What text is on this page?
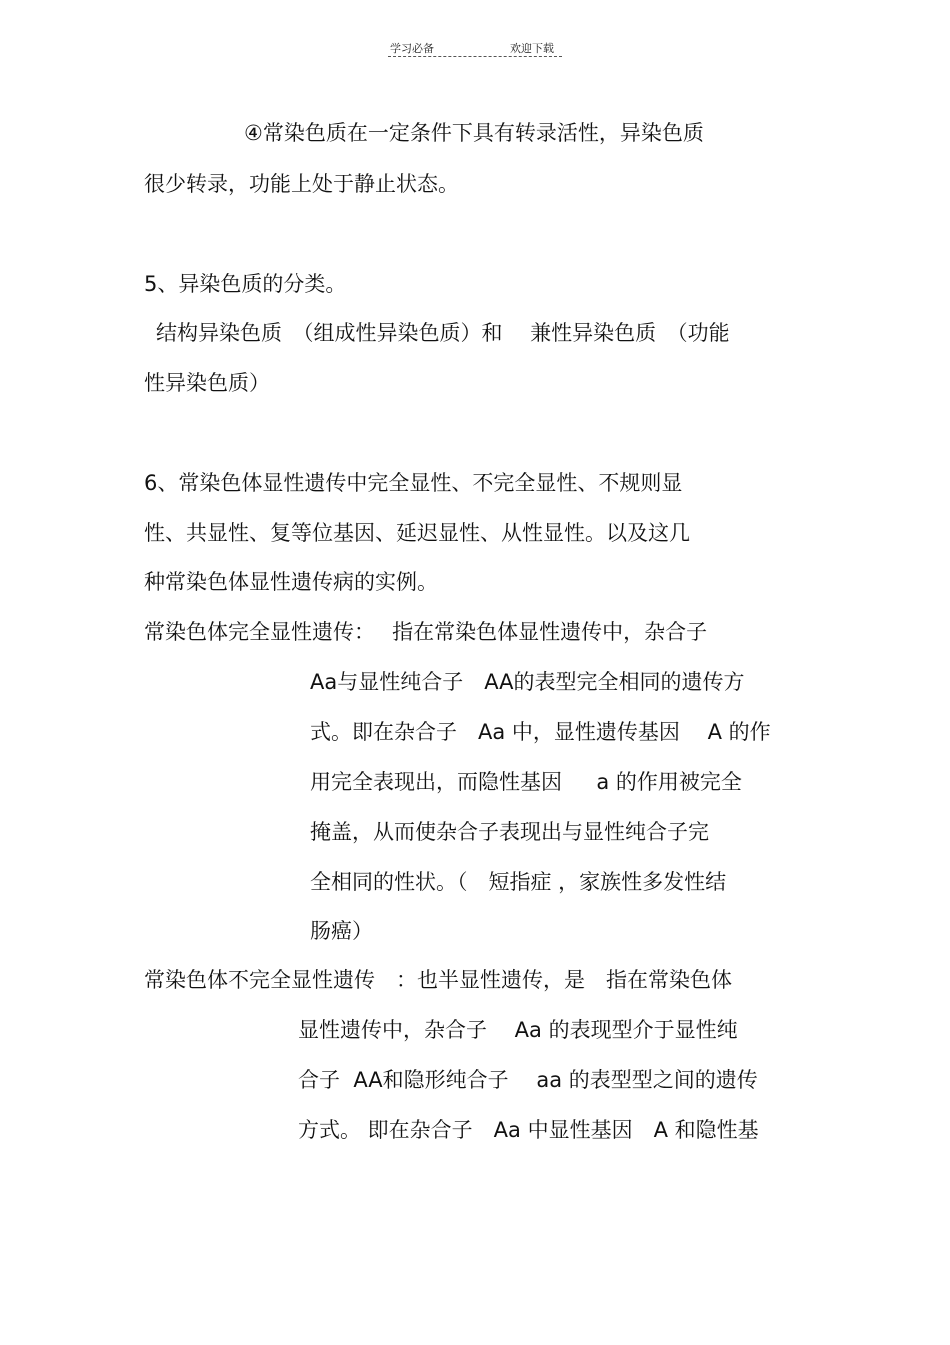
学习必备	欢迎下载
④常染色质在一定条件下具有转录活性，异染色质
很少转录，功能上处于静止状态。
5、异染色质的分类。
结构异染色质　（组成性异染色质）和　 兼性异染色质　（功能
性异染色质）
6、常染色体显性遗传中完全显性、不完全显性、不规则显
性、共显性、复等位基因、延迟显性、从性显性。以及这几
种常染色体显性遗传病的实例。
常染色体完全显性遗传：　 指在常染色体显性遗传中，杂合子
Aa与显性纯合子　AA的表型完全相同的遗传方
式。即在杂合子　Aa 中，显性遗传基因　 A 的作
用完全表现出，而隐性基因　  a 的作用被完全
掩盖，从而使杂合子表现出与显性纯合子完
全相同的性状。（　短指症 ，家族性多发性结
肠癌）
常染色体不完全显性遗传　：也半显性遗传，是　指在常染色体
显性遗传中，杂合子　 Aa 的表现型介于显性纯
合子  AA和隐形纯合子　 aa 的表型型之间的遗传
方式。 即在杂合子　Aa 中显性基因　A 和隐性基
